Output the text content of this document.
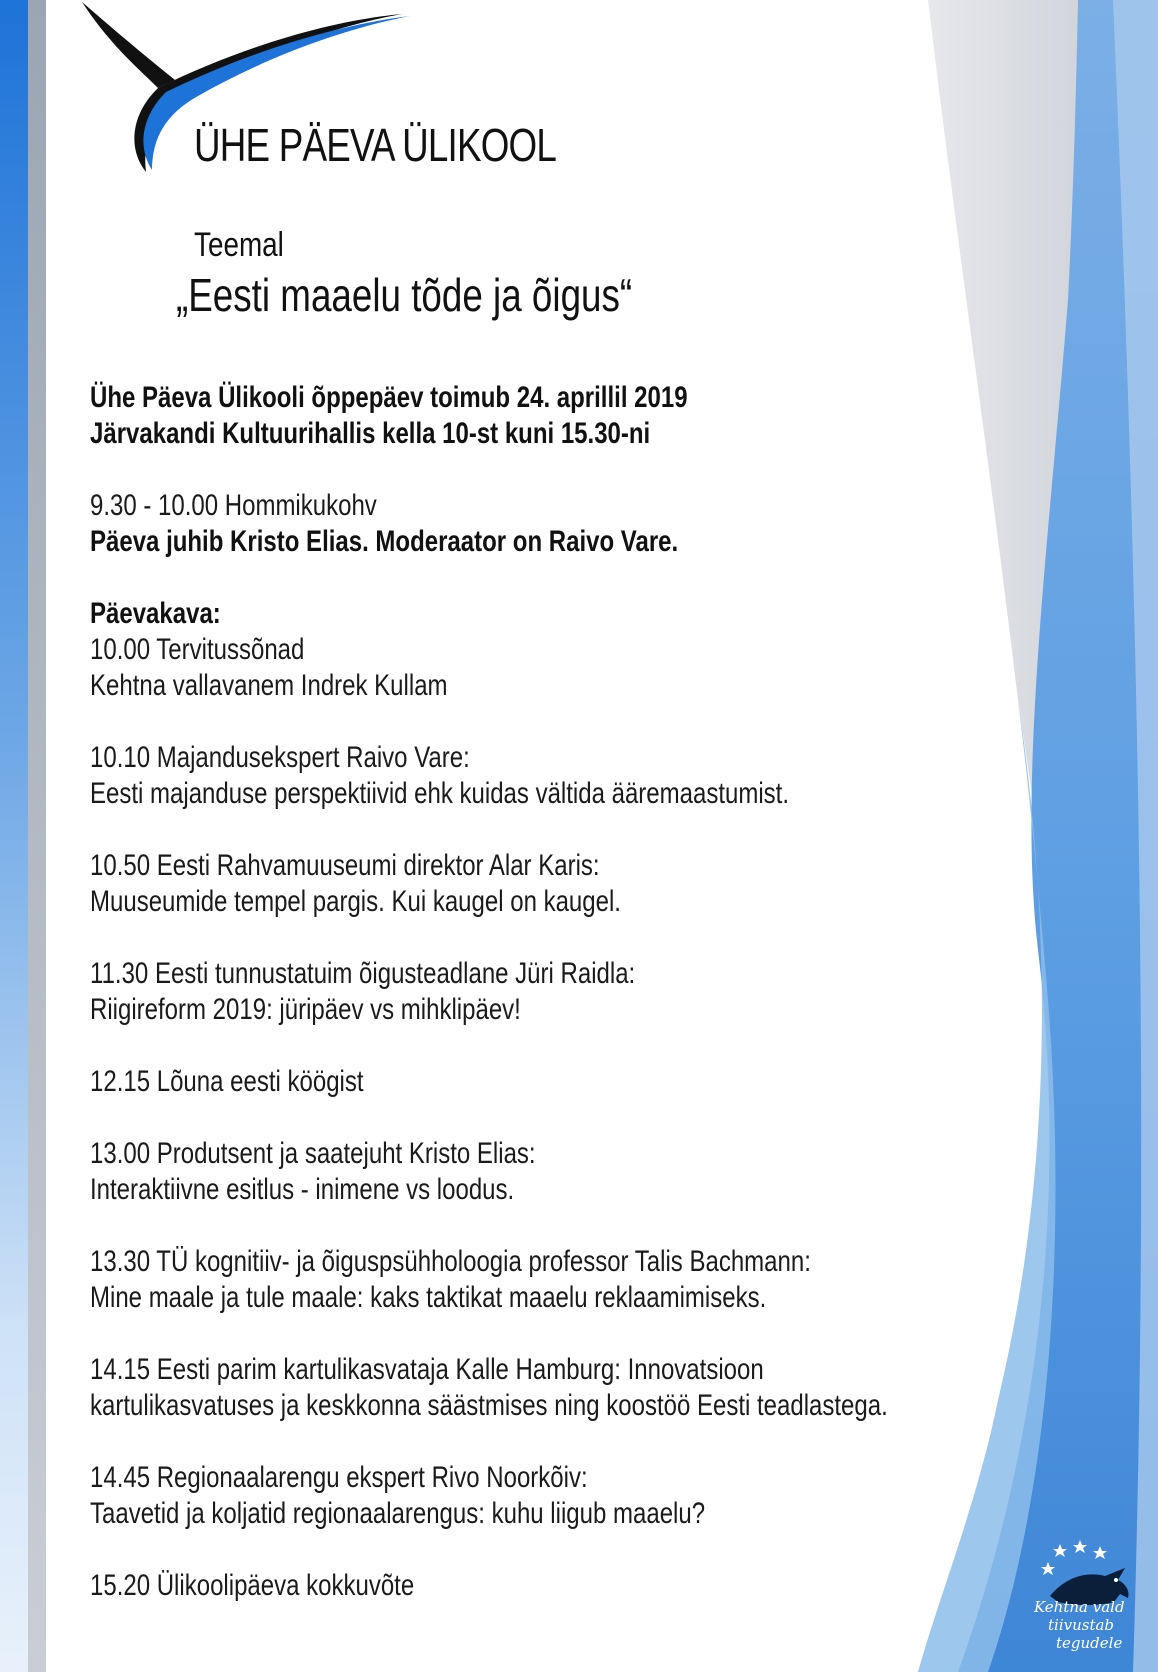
ÜHE PÄEVA ÜLIKOOL
Teemal
„Eesti maaelu tõde ja õigus“
Ühe Päeva Ülikooli õppepäev toimub 24. aprillil 2019
Järvakandi Kultuurihallis kella 10-st kuni 15.30-ni
9.30 - 10.00 Hommikukohv
Päeva juhib Kristo Elias. Moderaator on Raivo Vare.
Päevakava:
10.00 Tervitussõnad
Kehtna vallavanem Indrek Kullam
10.10 Majandusekspert Raivo Vare:
Eesti majanduse perspektiivid ehk kuidas vältida ääremaastumist.
10.50 Eesti Rahvamuuseumi direktor Alar Karis:
Muuseumide tempel pargis. Kui kaugel on kaugel.
11.30 Eesti tunnustatuim õigusteadlane Jüri Raidla:
Riigireform 2019: jüripäev vs mihklipäev!
12.15 Lõuna eesti köögist
13.00 Produtsent ja saatejuht Kristo Elias:
Interaktiivne esitlus - inimene vs loodus.
13.30 TÜ kognitiiv- ja õiguspsühholoogia professor Talis Bachmann:
Mine maale ja tule maale: kaks taktikat maaelu reklaamimiseks.
14.15 Eesti parim kartulikasvataja Kalle Hamburg: Innovatsioon
kartulikasvatuses ja keskkonna säästmises ning koostöö Eesti teadlastega.
14.45 Regionaalarengu ekspert Rivo Noorkõiv:
Taavetid ja koljatid regionaalarengus: kuhu liigub maaelu?
15.20 Ülikoolipäeva kokkuvõte
Kehtna vald
tiivustab
tegudele
